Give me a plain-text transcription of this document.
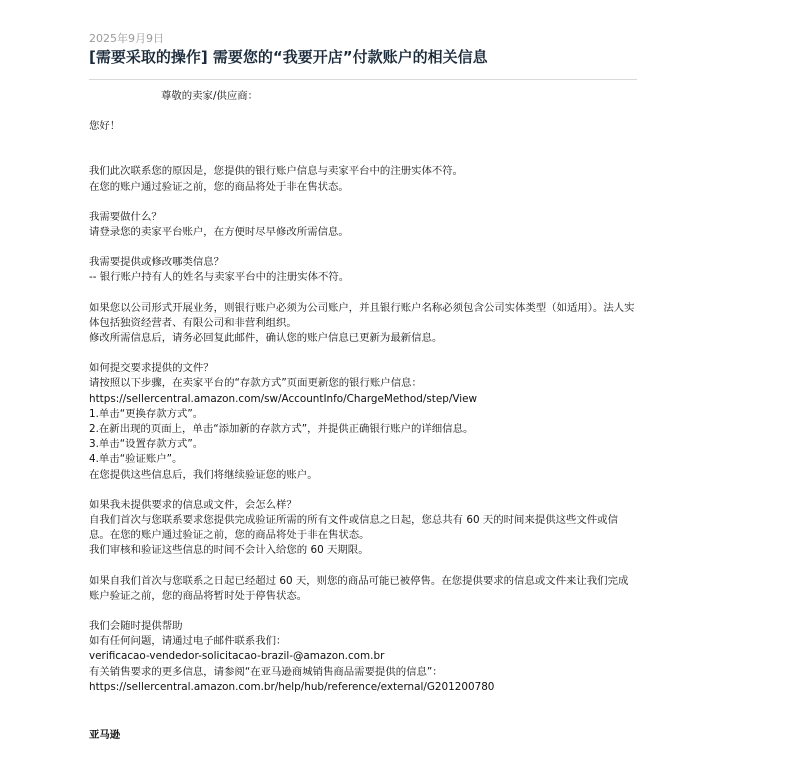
2025年9月9日
[需要采取的操作] 需要您的“我要开店”付款账户的相关信息
尊敬的卖家/供应商：
您好！
我们此次联系您的原因是，您提供的银行账户信息与卖家平台中的注册实体不符。
在您的账户通过验证之前，您的商品将处于非在售状态。
我需要做什么？
请登录您的卖家平台账户，在方便时尽早修改所需信息。
我需要提供或修改哪类信息？
-- 银行账户持有人的姓名与卖家平台中的注册实体不符。
如果您以公司形式开展业务，则银行账户必须为公司账户，并且银行账户名称必须包含公司实体类型（如适用）。法人实体包括独资经营者、有限公司和非营利组织。
修改所需信息后，请务必回复此邮件，确认您的账户信息已更新为最新信息。
如何提交要求提供的文件？
请按照以下步骤，在卖家平台的“存款方式”页面更新您的银行账户信息：
https://sellercentral.amazon.com/sw/AccountInfo/ChargeMethod/step/View
1.单击“更换存款方式”。
2.在新出现的页面上，单击“添加新的存款方式”，并提供正确银行账户的详细信息。
3.单击“设置存款方式”。
4.单击“验证账户”。
在您提供这些信息后，我们将继续验证您的账户。
如果我未提供要求的信息或文件，会怎么样？
自我们首次与您联系要求您提供完成验证所需的所有文件或信息之日起，您总共有 60 天的时间来提供这些文件或信息。在您的账户通过验证之前，您的商品将处于非在售状态。
我们审核和验证这些信息的时间不会计入给您的 60 天期限。
如果自我们首次与您联系之日起已经超过 60 天，则您的商品可能已被停售。在您提供要求的信息或文件来让我们完成账户验证之前，您的商品将暂时处于停售状态。
我们会随时提供帮助
如有任何问题，请通过电子邮件联系我们：
verificacao-vendedor-solicitacao-brazil-@amazon.com.br
有关销售要求的更多信息，请参阅“在亚马逊商城销售商品需要提供的信息”：
https://sellercentral.amazon.com.br/help/hub/reference/external/G201200780
亚马逊
